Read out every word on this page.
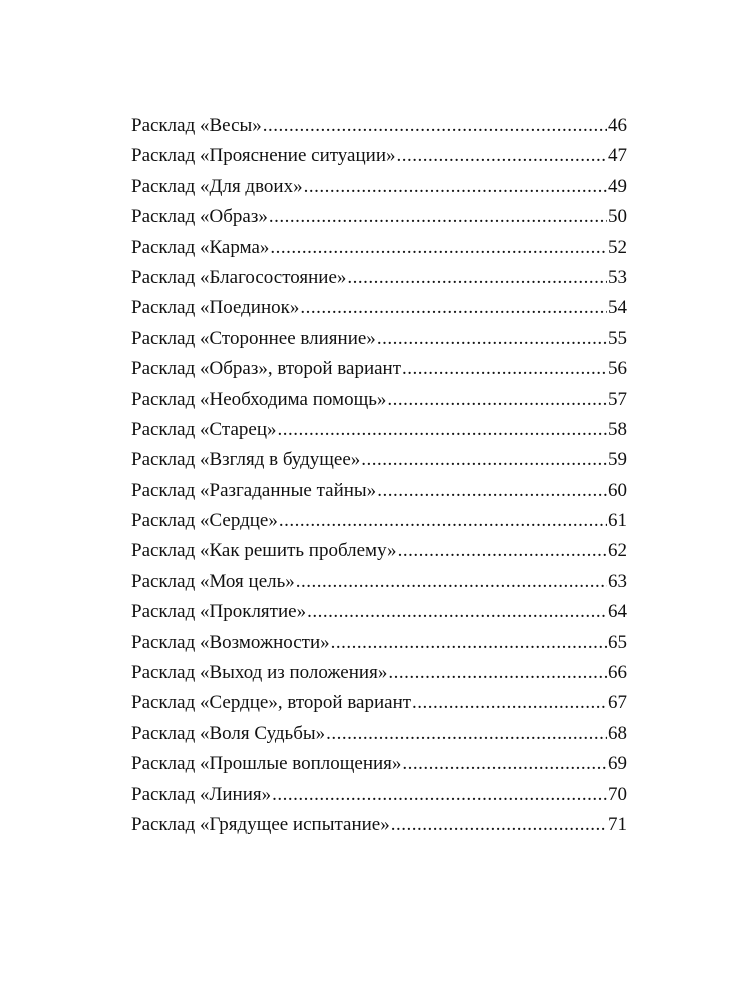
Расклад «Весы» .....	46
Расклад «Прояснение ситуации» .....	47
Расклад «Для двоих» .....	49
Расклад «Образ» .....	50
Расклад «Карма» .....	52
Расклад «Благосостояние» .....	53
Расклад «Поединок» .....	54
Расклад «Стороннее влияние» .....	55
Расклад «Образ», второй вариант .....	56
Расклад «Необходима помощь» .....	57
Расклад «Старец» .....	58
Расклад «Взгляд в будущее» .....	59
Расклад «Разгаданные тайны» .....	60
Расклад «Сердце» .....	61
Расклад «Как решить проблему» .....	62
Расклад «Моя цель» .....	63
Расклад «Проклятие» .....	64
Расклад «Возможности» .....	65
Расклад «Выход из положения» .....	66
Расклад «Сердце», второй вариант .....	67
Расклад «Воля Судьбы» .....	68
Расклад «Прошлые воплощения» .....	69
Расклад «Линия» .....	70
Расклад «Грядущее испытание» .....	71
